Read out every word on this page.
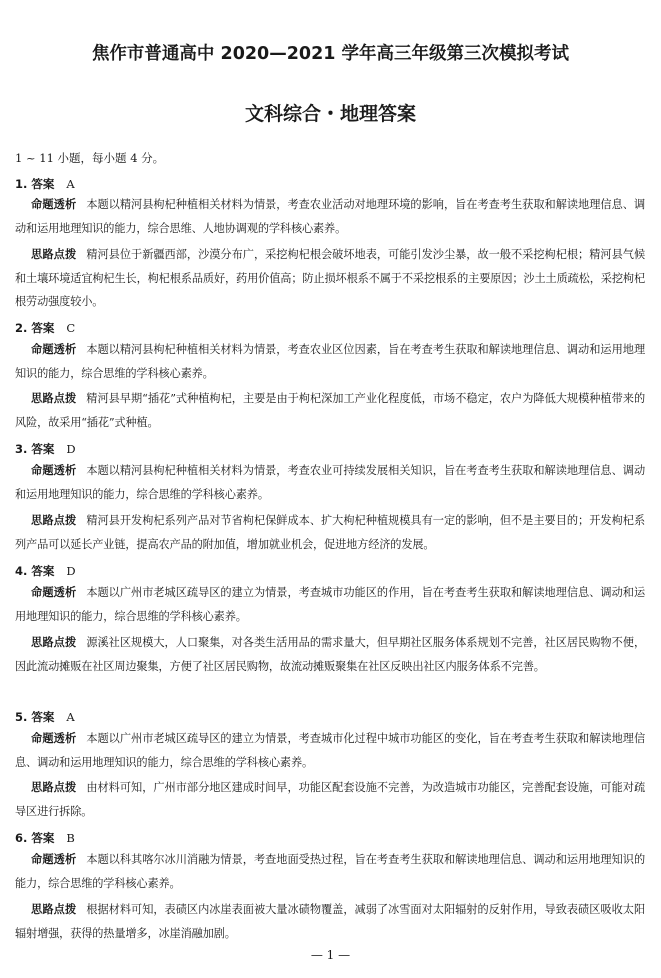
焦作市普通高中 2020—2021 学年高三年级第三次模拟考试
文科综合・地理答案
1 ~ 11 小题，每小题 4 分。
1. 答案 A
命题透析 本题以精河县枸杞种植相关材料为情景，考查农业活动对地理环境的影响，旨在考查考生获取和解读地理信息、调动和运用地理知识的能力，综合思维、人地协调观的学科核心素养。
思路点拨 精河县位于新疆西部，沙漠分布广，采挖枸杞根会破坏地表，可能引发沙尘暴，故一般不采挖枸杞根；精河县气候和土壤环境适宜枸杞生长，枸杞根系品质好，药用价值高；防止损坏根系不属于不采挖根系的主要原因；沙土土质疏松，采挖枸杞根劳动强度较小。
2. 答案 C
命题透析 本题以精河县枸杞种植相关材料为情景，考查农业区位因素，旨在考查考生获取和解读地理信息、调动和运用地理知识的能力，综合思维的学科核心素养。
思路点拨 精河县早期“插花”式种植枸杞，主要是由于枸杞深加工产业化程度低，市场不稳定，农户为降低大规模种植带来的风险，故采用“插花”式种植。
3. 答案 D
命题透析 本题以精河县枸杞种植相关材料为情景，考查农业可持续发展相关知识，旨在考查考生获取和解读地理信息、调动和运用地理知识的能力，综合思维的学科核心素养。
思路点拨 精河县开发枸杞系列产品对节省枸杞保鲜成本、扩大枸杞种植规模具有一定的影响，但不是主要目的；开发枸杞系列产品可以延长产业链，提高农产品的附加值，增加就业机会，促进地方经济的发展。
4. 答案 D
命题透析 本题以广州市老城区疏导区的建立为情景，考查城市功能区的作用，旨在考查考生获取和解读地理信息、调动和运用地理知识的能力，综合思维的学科核心素养。
思路点拨 源溪社区规模大，人口聚集，对各类生活用品的需求量大，但早期社区服务体系规划不完善，社区居民购物不便，因此流动摊贩在社区周边聚集，方便了社区居民购物，故流动摊贩聚集在社区反映出社区内服务体系不完善。
5. 答案 A
命题透析 本题以广州市老城区疏导区的建立为情景，考查城市化过程中城市功能区的变化，旨在考查考生获取和解读地理信息、调动和运用地理知识的能力，综合思维的学科核心素养。
思路点拨 由材料可知，广州市部分地区建成时间早，功能区配套设施不完善，为改造城市功能区，完善配套设施，可能对疏导区进行拆除。
6. 答案 B
命题透析 本题以科其喀尔冰川消融为情景，考查地面受热过程，旨在考查考生获取和解读地理信息、调动和运用地理知识的能力，综合思维的学科核心素养。
思路点拨 根据材料可知，表碛区内冰崖表面被大量冰碛物覆盖，减弱了冰雪面对太阳辐射的反射作用，导致表碛区吸收太阳辐射增强，获得的热量增多，冰崖消融加剧。
— 1 —
